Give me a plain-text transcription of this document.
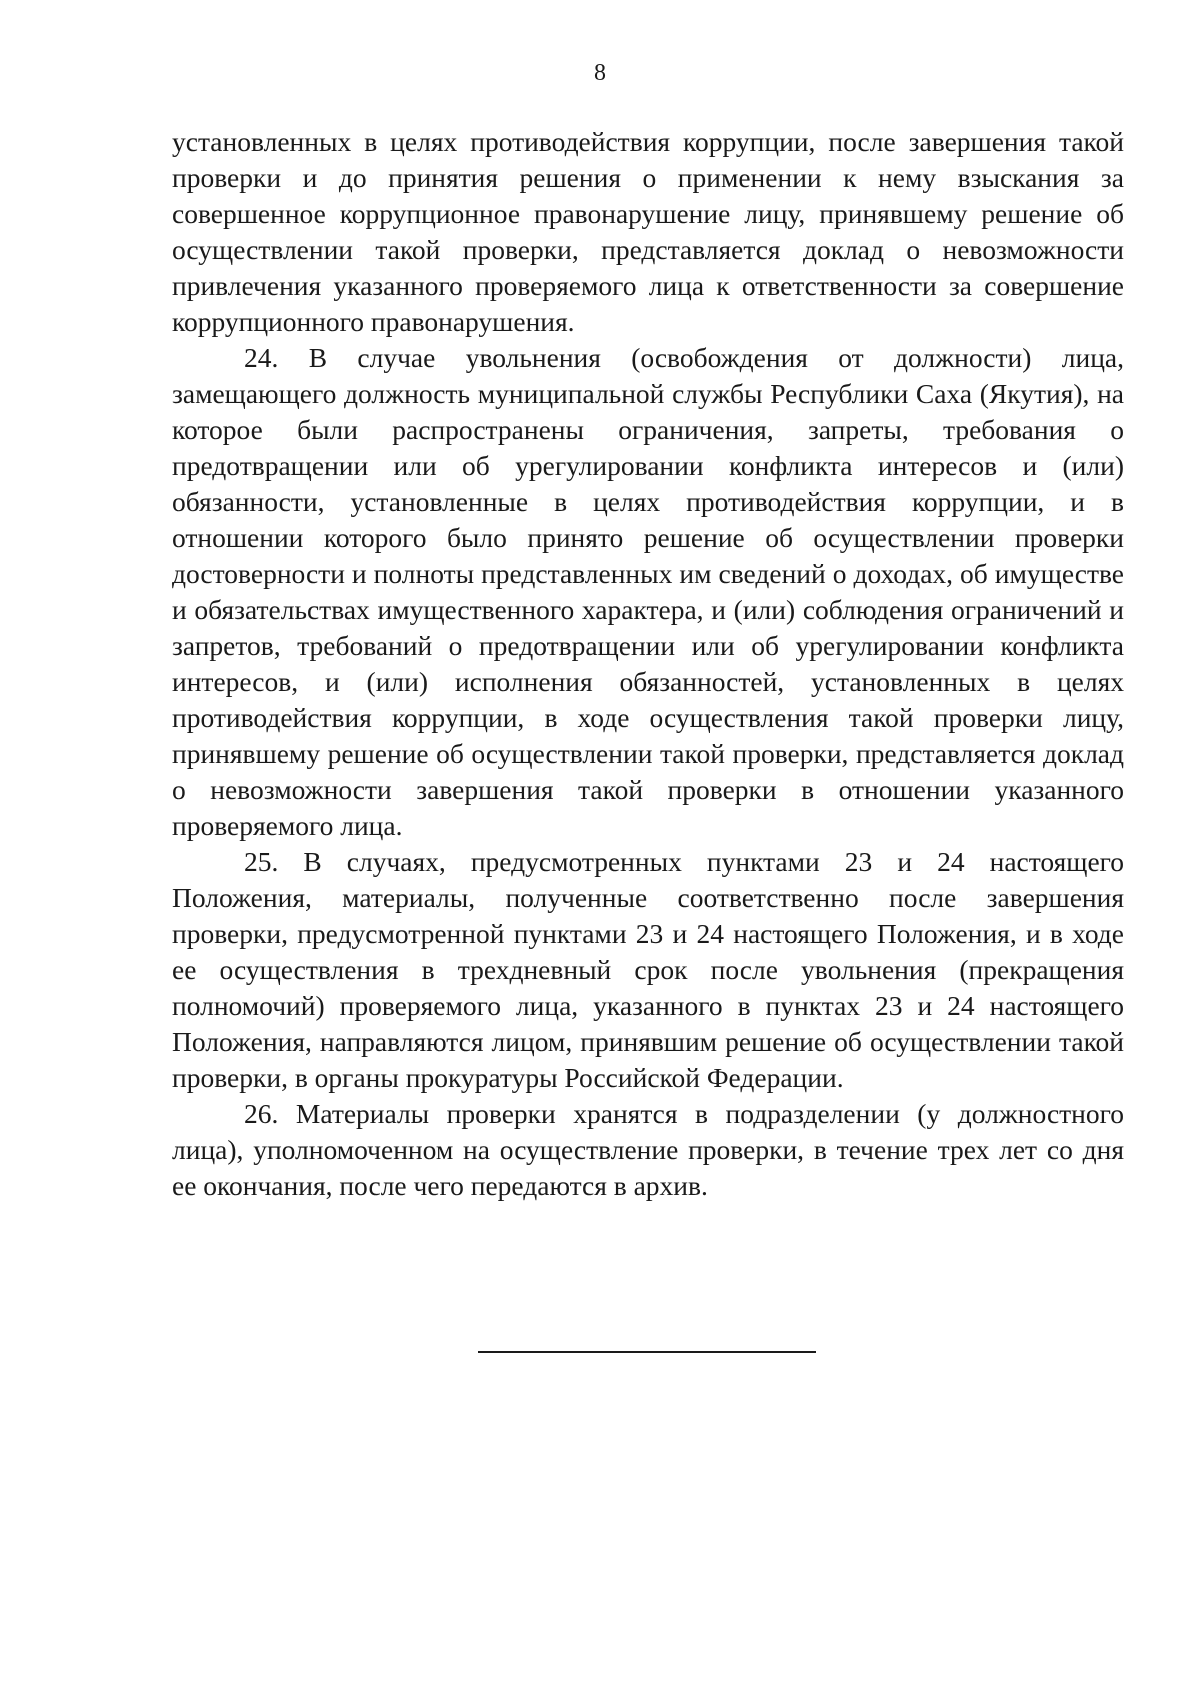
8

установленных в целях противодействия коррупции, после завершения такой проверки и до принятия решения о применении к нему взыскания за совершенное коррупционное правонарушение лицу, принявшему решение об осуществлении такой проверки, представляется доклад о невозможности привлечения указанного проверяемого лица к ответственности за совершение коррупционного правонарушения.

24. В случае увольнения (освобождения от должности) лица, замещающего должность муниципальной службы Республики Саха (Якутия), на которое были распространены ограничения, запреты, требования о предотвращении или об урегулировании конфликта интересов и (или) обязанности, установленные в целях противодействия коррупции, и в отношении которого было принято решение об осуществлении проверки достоверности и полноты представленных им сведений о доходах, об имуществе и обязательствах имущественного характера, и (или) соблюдения ограничений и запретов, требований о предотвращении или об урегулировании конфликта интересов, и (или) исполнения обязанностей, установленных в целях противодействия коррупции, в ходе осуществления такой проверки лицу, принявшему решение об осуществлении такой проверки, представляется доклад о невозможности завершения такой проверки в отношении указанного проверяемого лица.

25. В случаях, предусмотренных пунктами 23 и 24 настоящего Положения, материалы, полученные соответственно после завершения проверки, предусмотренной пунктами 23 и 24 настоящего Положения, и в ходе ее осуществления в трехдневный срок после увольнения (прекращения полномочий) проверяемого лица, указанного в пунктах 23 и 24 настоящего Положения, направляются лицом, принявшим решение об осуществлении такой проверки, в органы прокуратуры Российской Федерации.

26. Материалы проверки хранятся в подразделении (у должностного лица), уполномоченном на осуществление проверки, в течение трех лет со дня ее окончания, после чего передаются в архив.
